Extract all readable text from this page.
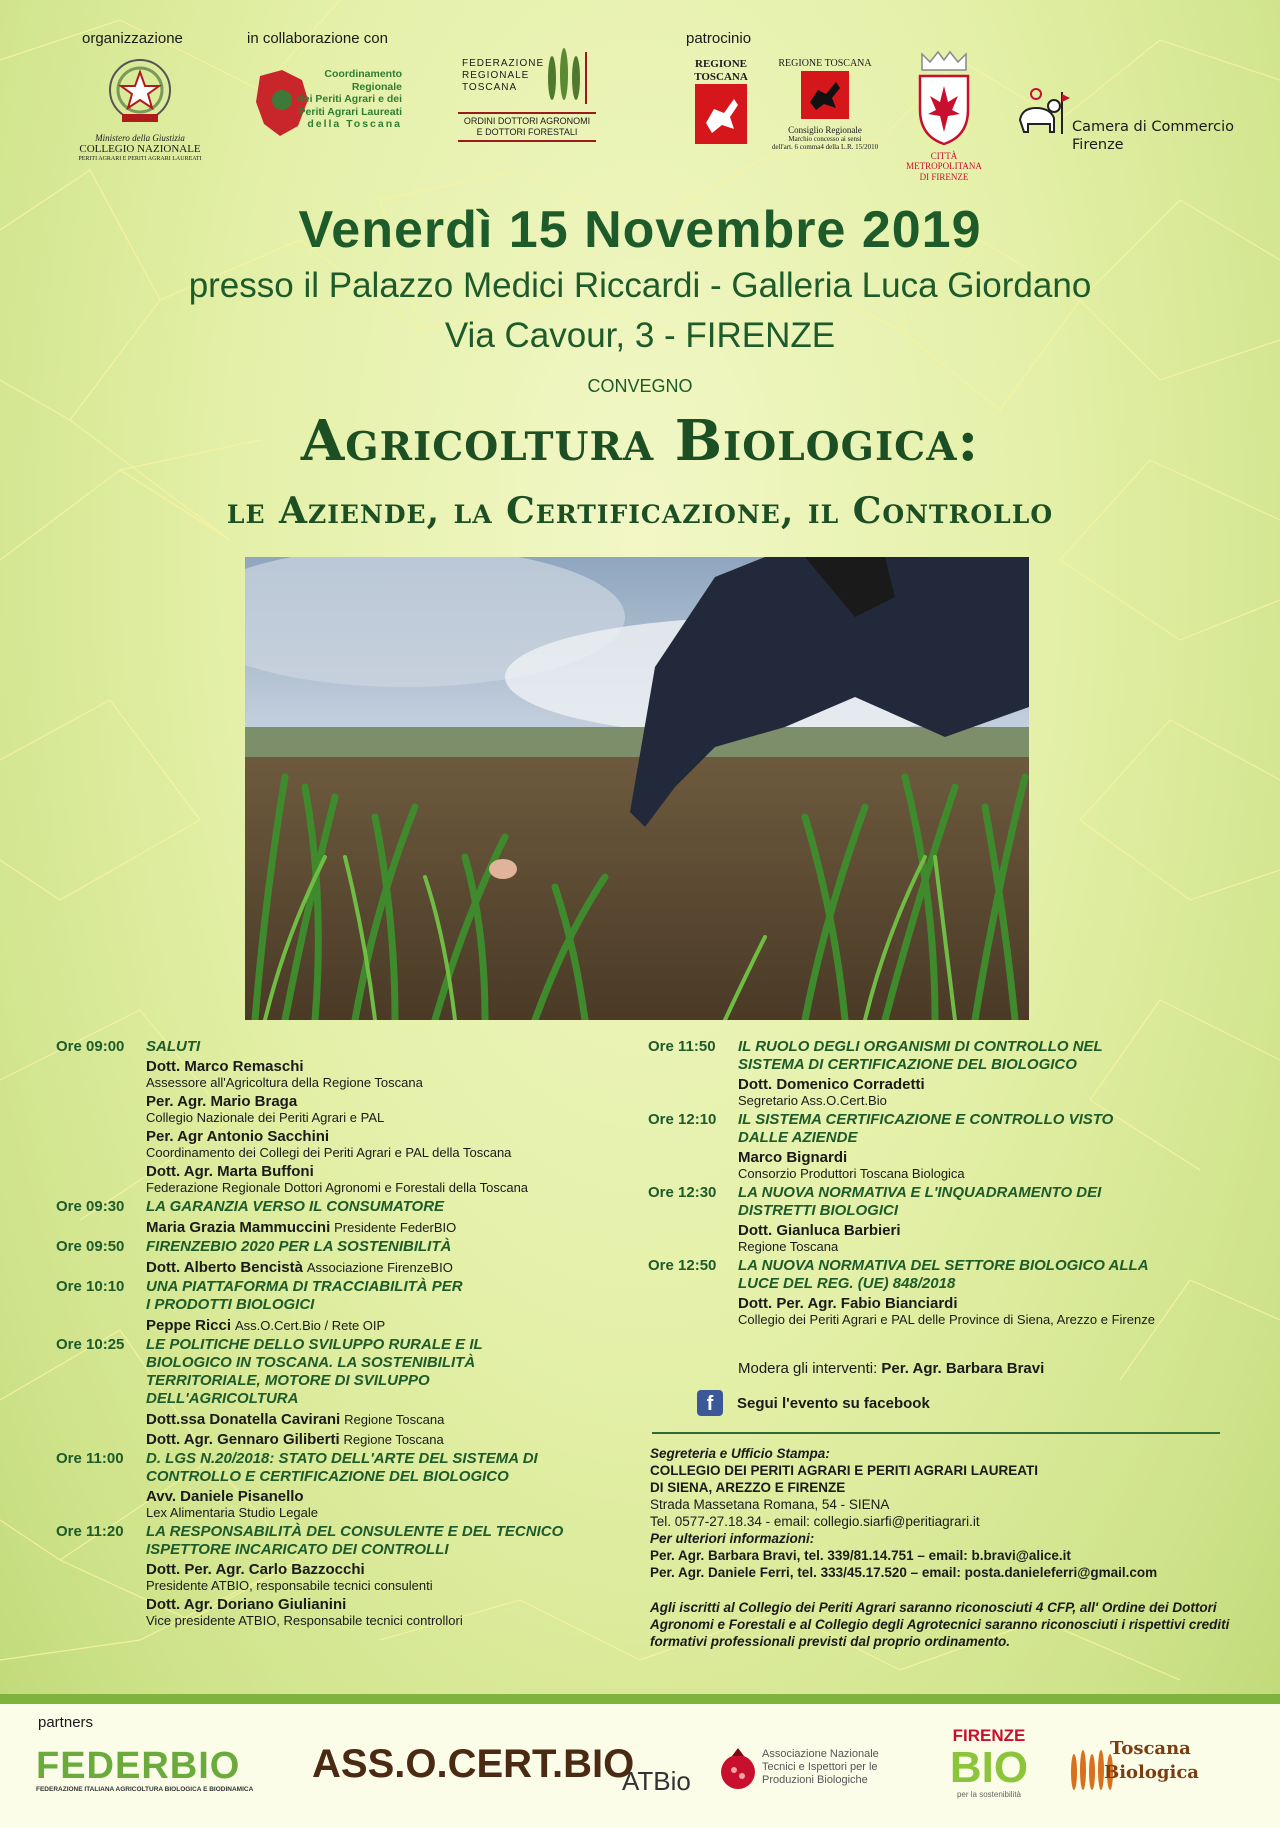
organizzazione	in collaborazione con	patrocinio
Ministero della Giustizia
COLLEGIO NAZIONALE
PERITI AGRARI E PERITI AGRARI LAUREATI
Coordinamento Regionale
dei Periti Agrari e dei
Periti Agrari Laureati
della Toscana
FEDERAZIONE
REGIONALE
TOSCANA
ORDINI DOTTORI AGRONOMI
E DOTTORI FORESTALI
REGIONE
TOSCANA
REGIONE TOSCANA
Consiglio Regionale
Marchio concesso ai sensi
dell'art. 6 comma4 della L.R. 15/2010
CITTÀ METROPOLITANA
DI FIRENZE
Camera di Commercio
Firenze
Venerdì 15 Novembre 2019
presso il Palazzo Medici Riccardi - Galleria Luca Giordano
Via Cavour, 3 - FIRENZE
CONVEGNO
Agricoltura Biologica:
le Aziende, la Certificazione, il Controllo
Ore 09:00 SALUTI
Dott. Marco Remaschi
Assessore all'Agricoltura della Regione Toscana
Per. Agr. Mario Braga
Collegio Nazionale dei Periti Agrari e PAL
Per. Agr Antonio Sacchini
Coordinamento dei Collegi dei Periti Agrari e PAL della Toscana
Dott. Agr. Marta Buffoni
Federazione Regionale Dottori Agronomi e Forestali della Toscana
Ore 09:30 LA GARANZIA VERSO IL CONSUMATORE
Maria Grazia Mammuccini Presidente FederBIO
Ore 09:50 FIRENZEBIO 2020 PER LA SOSTENIBILITÀ
Dott. Alberto Bencistà Associazione FirenzeBIO
Ore 10:10 UNA PIATTAFORMA DI TRACCIABILITÀ PER I PRODOTTI BIOLOGICI
Peppe Ricci Ass.O.Cert.Bio / Rete OIP
Ore 10:25 LE POLITICHE DELLO SVILUPPO RURALE E IL BIOLOGICO IN TOSCANA. LA SOSTENIBILITÀ TERRITORIALE, MOTORE DI SVILUPPO DELL'AGRICOLTURA
Dott.ssa Donatella Cavirani Regione Toscana
Dott. Agr. Gennaro Giliberti Regione Toscana
Ore 11:00 D. LGS N.20/2018: STATO DELL'ARTE DEL SISTEMA DI CONTROLLO E CERTIFICAZIONE DEL BIOLOGICO
Avv. Daniele Pisanello
Lex Alimentaria Studio Legale
Ore 11:20 LA RESPONSABILITÀ DEL CONSULENTE E DEL TECNICO ISPETTORE INCARICATO DEI CONTROLLI
Dott. Per. Agr. Carlo Bazzocchi
Presidente ATBIO, responsabile tecnici consulenti
Dott. Agr. Doriano Giulianini
Vice presidente ATBIO, Responsabile tecnici controllori
Ore 11:50 IL RUOLO DEGLI ORGANISMI DI CONTROLLO NEL SISTEMA DI CERTIFICAZIONE DEL BIOLOGICO
Dott. Domenico Corradetti
Segretario Ass.O.Cert.Bio
Ore 12:10 IL SISTEMA CERTIFICAZIONE E CONTROLLO VISTO DALLE AZIENDE
Marco Bignardi
Consorzio Produttori Toscana Biologica
Ore 12:30 LA NUOVA NORMATIVA E L'INQUADRAMENTO DEI DISTRETTI BIOLOGICI
Dott. Gianluca Barbieri
Regione Toscana
Ore 12:50 LA NUOVA NORMATIVA DEL SETTORE BIOLOGICO ALLA LUCE DEL REG. (UE) 848/2018
Dott. Per. Agr. Fabio Bianciardi
Collegio dei Periti Agrari e PAL delle Province di Siena, Arezzo e Firenze
Modera gli interventi: Per. Agr. Barbara Bravi
f	Segui l'evento su facebook
Segreteria e Ufficio Stampa:
COLLEGIO DEI PERITI AGRARI E PERITI AGRARI LAUREATI
DI SIENA, AREZZO E FIRENZE
Strada Massetana Romana, 54 - SIENA
Tel. 0577-27.18.34 - email: collegio.siarfi@peritiagrari.it
Per ulteriori informazioni:
Per. Agr. Barbara Bravi, tel. 339/81.14.751 – email: b.bravi@alice.it
Per. Agr. Daniele Ferri, tel. 333/45.17.520 – email: posta.danieleferri@gmail.com
Agli iscritti al Collegio dei Periti Agrari saranno riconosciuti 4 CFP, all' Ordine dei Dottori Agronomi e Forestali e al Collegio degli Agrotecnici saranno riconosciuti i rispettivi crediti formativi professionali previsti dal proprio ordinamento.
partners
FEDERBIO
FEDERAZIONE ITALIANA AGRICOLTURA BIOLOGICA E BIODINAMICA
ASS.O.CERT.BIO
ATBio
Associazione Nazionale
Tecnici e Ispettori per le
Produzioni Biologiche
FIRENZE
BIO
per la sostenibilità
Toscana
Biologica
